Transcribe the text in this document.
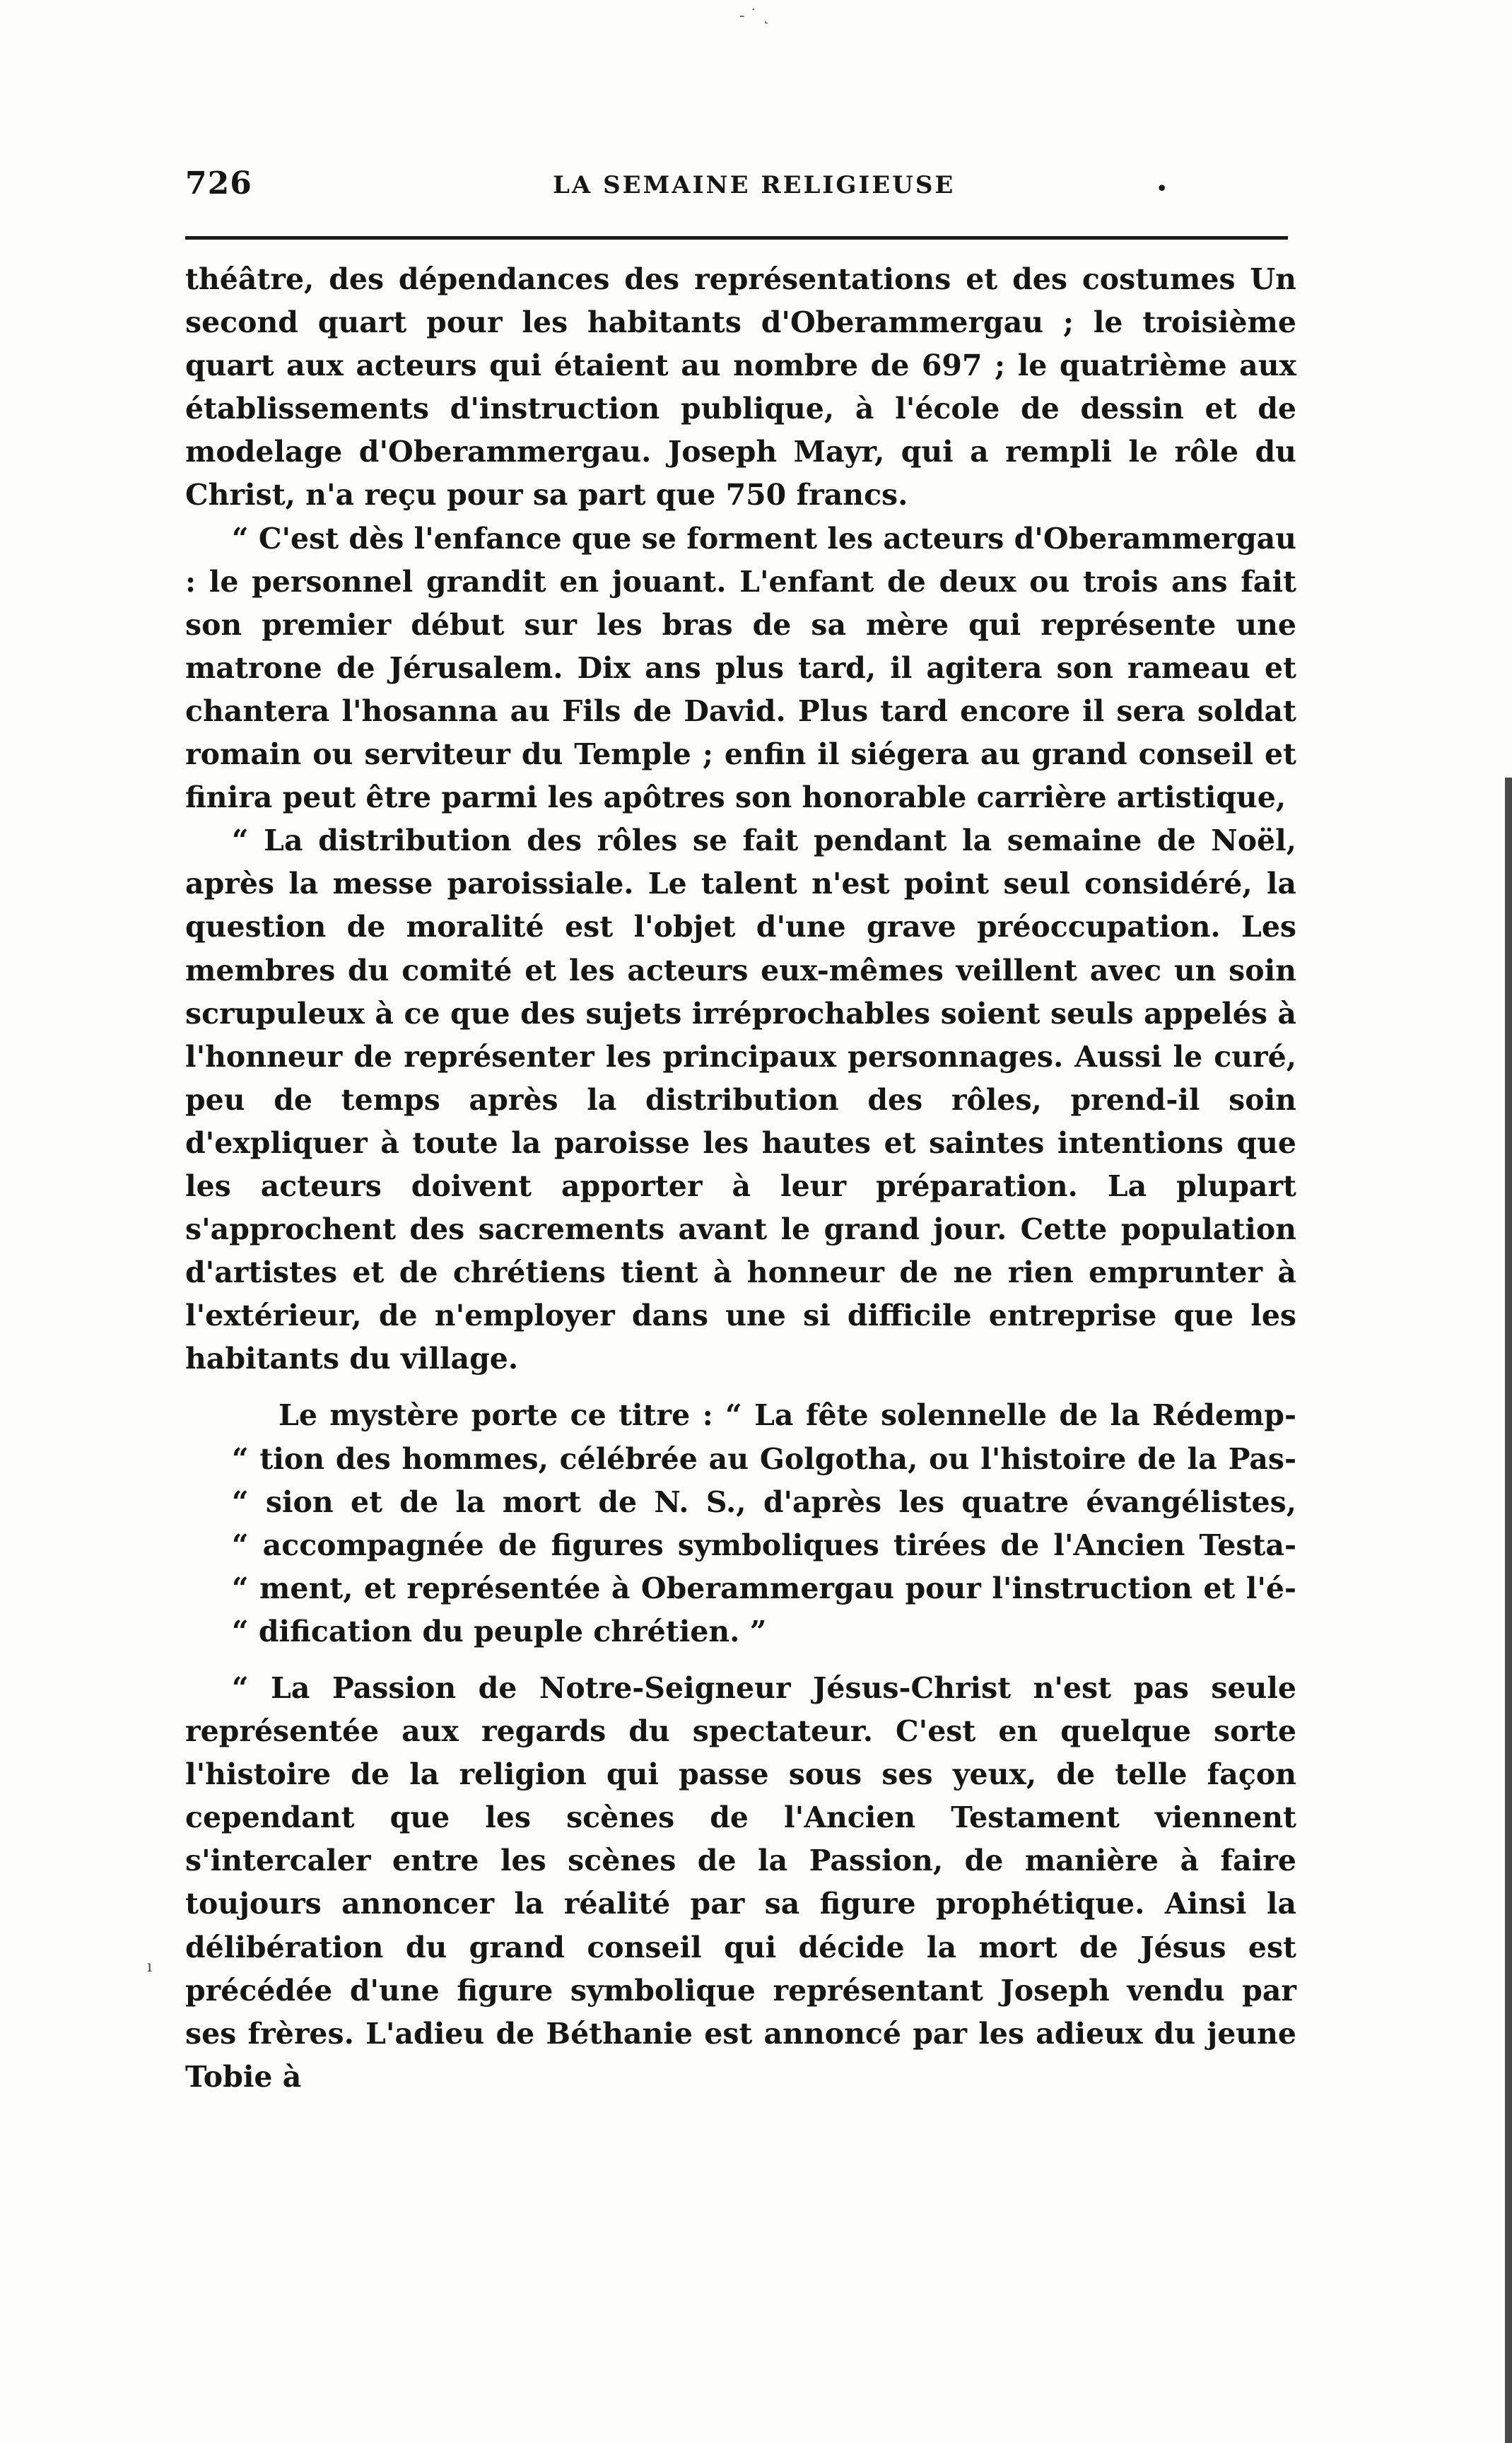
- ˙ ˛
726	LA SEMAINE RELIGIEUSE	•

théâtre, des dépendances des représentations et des costumes Un second quart pour les habitants d'Oberammergau ; le troisième quart aux acteurs qui étaient au nombre de 697 ; le quatrième aux établissements d'instruction publique, à l'école de dessin et de modelage d'Oberammergau. Joseph Mayr, qui a rempli le rôle du Christ, n'a reçu pour sa part que 750 francs.

“ C'est dès l'enfance que se forment les acteurs d'Oberammergau : le personnel grandit en jouant. L'enfant de deux ou trois ans fait son premier début sur les bras de sa mère qui représente une matrone de Jérusalem. Dix ans plus tard, il agitera son rameau et chantera l'hosanna au Fils de David. Plus tard encore il sera soldat romain ou serviteur du Temple ; enfin il siégera au grand conseil et finira peut être parmi les apôtres son honorable carrière artistique,

“ La distribution des rôles se fait pendant la semaine de Noël, après la messe paroissiale. Le talent n'est point seul considéré, la question de moralité est l'objet d'une grave préoccupation. Les membres du comité et les acteurs eux-mêmes veillent avec un soin scrupuleux à ce que des sujets irréprochables soient seuls appelés à l'honneur de représenter les principaux personnages. Aussi le curé, peu de temps après la distribution des rôles, prend-il soin d'expliquer à toute la paroisse les hautes et saintes intentions que les acteurs doivent apporter à leur préparation. La plupart s'approchent des sacrements avant le grand jour. Cette population d'artistes et de chrétiens tient à honneur de ne rien emprunter à l'extérieur, de n'employer dans une si difficile entreprise que les habitants du village.

Le mystère porte ce titre : “ La fête solennelle de la Rédemp-
“ tion des hommes, célébrée au Golgotha, ou l'histoire de la Pas-
“ sion et de la mort de N. S., d'après les quatre évangélistes,
“ accompagnée de figures symboliques tirées de l'Ancien Testa-
“ ment, et représentée à Oberammergau pour l'instruction et l'é-
“ dification du peuple chrétien. ”

“ La Passion de Notre-Seigneur Jésus-Christ n'est pas seule représentée aux regards du spectateur. C'est en quelque sorte l'histoire de la religion qui passe sous ses yeux, de telle façon cependant que les scènes de l'Ancien Testament viennent s'intercaler entre les scènes de la Passion, de manière à faire toujours annoncer la réalité par sa figure prophétique. Ainsi la délibération du grand conseil qui décide la mort de Jésus est précédée d'une figure symbolique représentant Joseph vendu par ses frères. L'adieu de Béthanie est annoncé par les adieux du jeune Tobie à

ı
